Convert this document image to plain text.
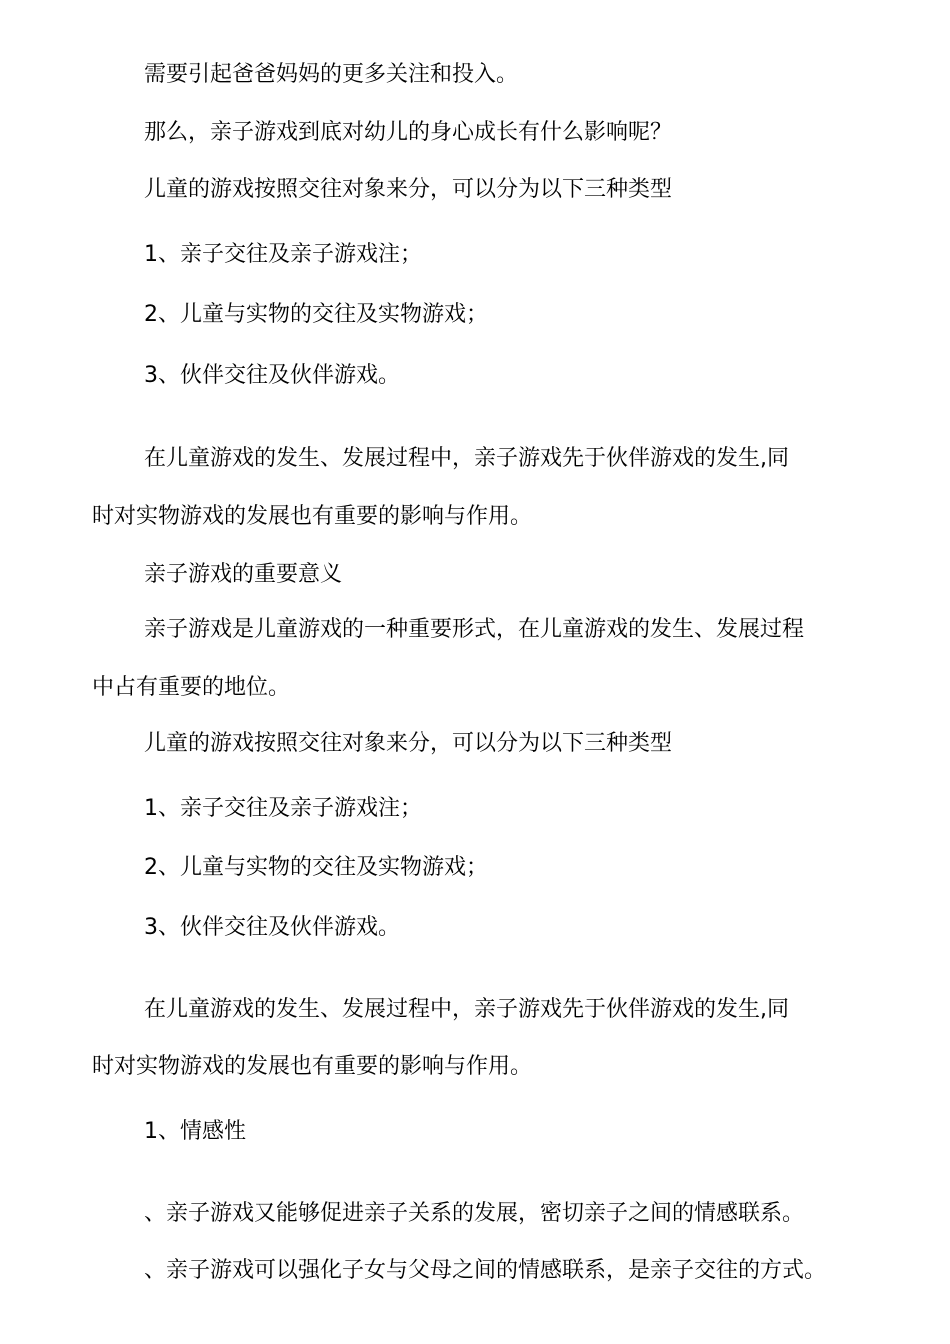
需要引起爸爸妈妈的更多关注和投入。

那么，亲子游戏到底对幼儿的身心成长有什么影响呢？

儿童的游戏按照交往对象来分，可以分为以下三种类型

1、亲子交往及亲子游戏注；

2、儿童与实物的交往及实物游戏；

3、伙伴交往及伙伴游戏。

在儿童游戏的发生、发展过程中，亲子游戏先于伙伴游戏的发生,同

时对实物游戏的发展也有重要的影响与作用。

亲子游戏的重要意义

亲子游戏是儿童游戏的一种重要形式，在儿童游戏的发生、发展过程

中占有重要的地位。

儿童的游戏按照交往对象来分，可以分为以下三种类型

1、亲子交往及亲子游戏注；

2、儿童与实物的交往及实物游戏；

3、伙伴交往及伙伴游戏。

在儿童游戏的发生、发展过程中，亲子游戏先于伙伴游戏的发生,同

时对实物游戏的发展也有重要的影响与作用。

1、情感性

、亲子游戏又能够促进亲子关系的发展，密切亲子之间的情感联系。

、亲子游戏可以强化子女与父母之间的情感联系，是亲子交往的方式。
